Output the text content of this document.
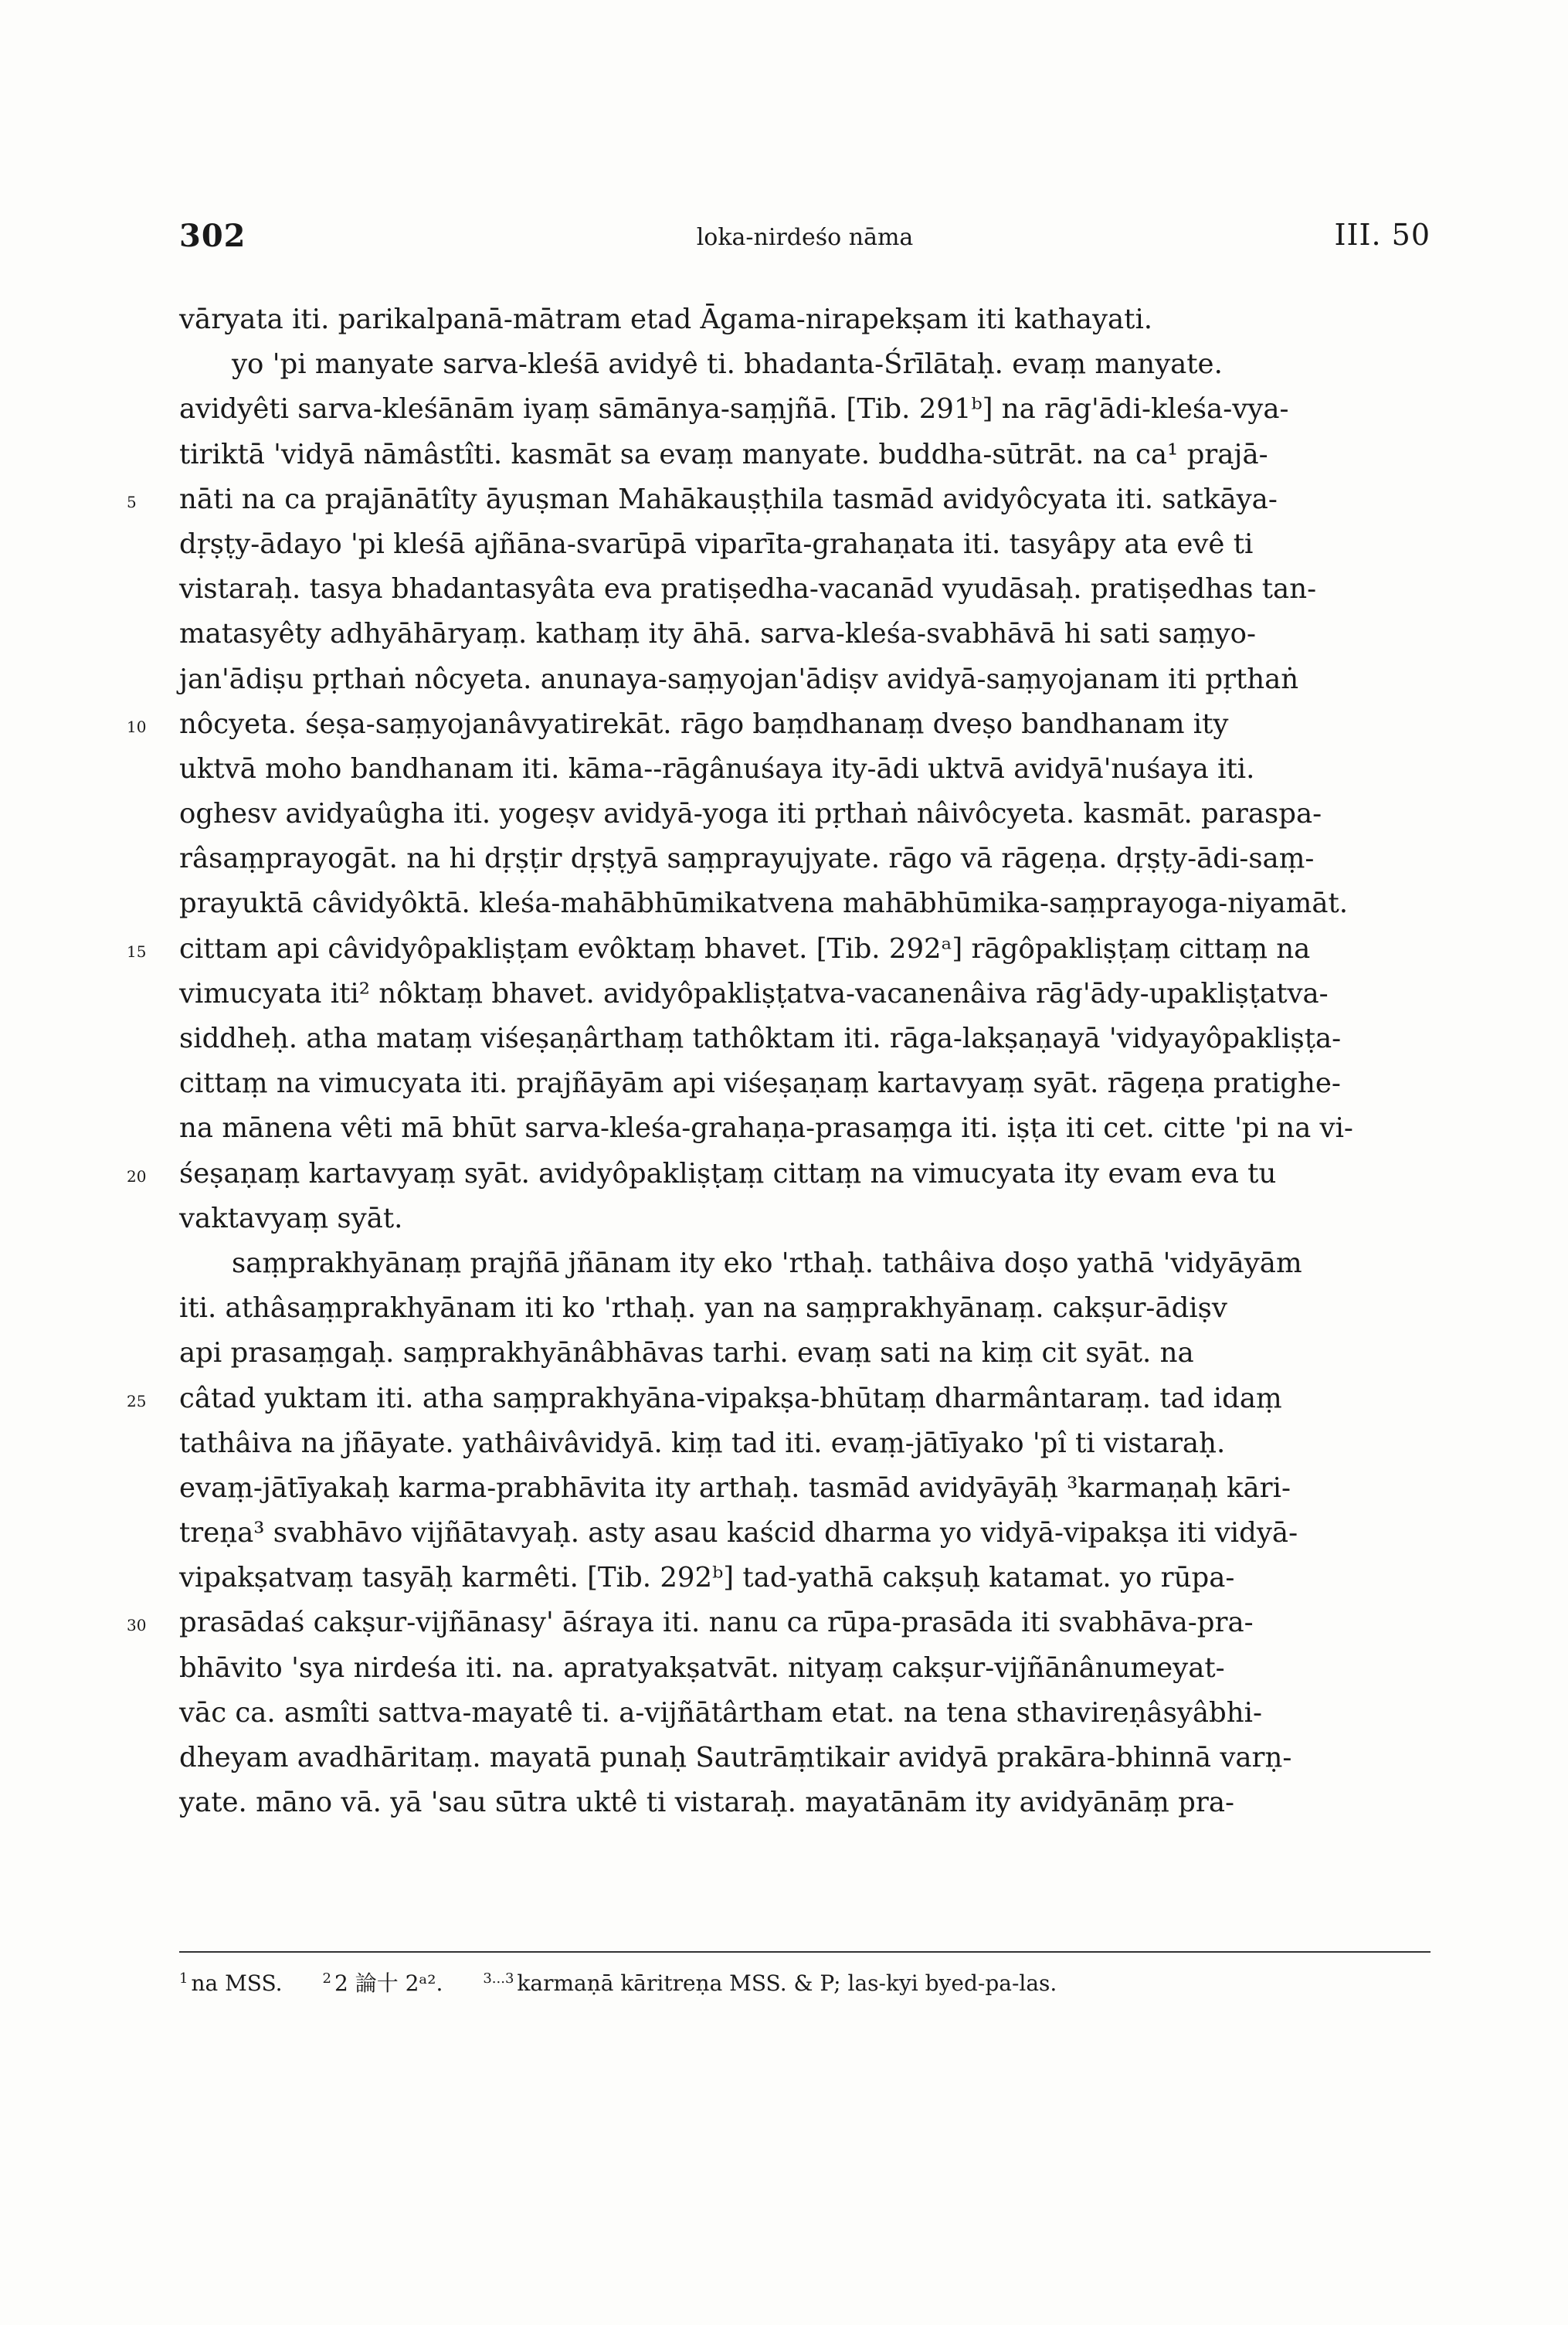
302	loka-nirdeśo nāma	III. 50
vāryata iti. parikalpanā-mātram etad Āgama-nirapekṣam iti kathayati.
yo 'pi manyate sarva-kleśā avidyê ti. bhadanta-Śrīlātaḥ. evaṃ manyate.
avidyêti sarva-kleśānām iyaṃ sāmānya-saṃjñā. [Tib. 291ᵇ] na rāg'ādi-kleśa-vya-
tiriktā 'vidyā nāmâstîti. kasmāt sa evaṃ manyate. buddha-sūtrāt. na ca¹ prajā-
5	nāti na ca prajānātîty āyuṣman Mahākauṣṭhila tasmād avidyôcyata iti. satkāya-
dṛṣṭy-ādayo 'pi kleśā ajñāna-svarūpā viparīta-grahaṇata iti. tasyâpy ata evê ti
vistaraḥ. tasya bhadantasyâta eva pratiṣedha-vacanād vyudāsaḥ. pratiṣedhas tan-
matasyêty adhyāhāryaṃ. kathaṃ ity āhā. sarva-kleśa-svabhāvā hi sati saṃyo-
jan'ādiṣu pṛthaṅ nôcyeta. anunaya-saṃyojan'ādiṣv avidyā-saṃyojanam iti pṛthaṅ
10 nôcyeta. śeṣa-saṃyojanâvyatirekāt. rāgo baṃdhanaṃ dveṣo bandhanam ity
uktvā moho bandhanam iti. kāma--rāgânuśaya ity-ādi uktvā avidyā'nuśaya iti.
oghesv avidyaûgha iti. yogeṣv avidyā-yoga iti pṛthaṅ nâivôcyeta. kasmāt. paraspa-
râsaṃprayogāt. na hi dṛṣṭir dṛṣṭyā saṃprayujyate. rāgo vā rāgeṇa. dṛṣṭy-ādi-saṃ-
prayuktā câvidyôktā. kleśa-mahābhūmikatvena mahābhūmika-saṃprayoga-niyamāt.
15 cittam api câvidyôpakliṣṭam evôktaṃ bhavet. [Tib. 292ᵃ] rāgôpakliṣṭaṃ cittaṃ na
vimucyata iti² nôktaṃ bhavet. avidyôpakliṣṭatva-vacanenâiva rāg'ādy-upakliṣṭatva-
siddheḥ. atha mataṃ viśeṣaṇârthaṃ tathôktam iti. rāga-lakṣaṇayā 'vidyayôpakliṣṭa-
cittaṃ na vimucyata iti. prajñāyām api viśeṣaṇaṃ kartavyaṃ syāt. rāgeṇa pratighe-
na mānena vêti mā bhūt sarva-kleśa-grahaṇa-prasaṃga iti. iṣṭa iti cet. citte 'pi na vi-
20 śeṣaṇaṃ kartavyaṃ syāt. avidyôpakliṣṭaṃ cittaṃ na vimucyata ity evam eva tu
vaktavyaṃ syāt.
saṃprakhyānaṃ prajñā jñānam ity eko 'rthaḥ. tathâiva doṣo yathā 'vidyāyām
iti. athâsaṃprakhyānam iti ko 'rthaḥ. yan na saṃprakhyānaṃ. cakṣur-ādiṣv
api prasaṃgaḥ. saṃprakhyānâbhāvas tarhi. evaṃ sati na kiṃ cit syāt. na
25 câtad yuktam iti. atha saṃprakhyāna-vipakṣa-bhūtaṃ dharmântaraṃ. tad idaṃ
tathâiva na jñāyate. yathâivâvidyā. kiṃ tad iti. evaṃ-jātīyako 'pî ti vistaraḥ.
evaṃ-jātīyakaḥ karma-prabhāvita ity arthaḥ. tasmād avidyāyāḥ ³karmaṇaḥ kāri-
treṇa³ svabhāvo vijñātavyaḥ. asty asau kaścid dharma yo vidyā-vipakṣa iti vidyā-
vipakṣatvaṃ tasyāḥ karmêti. [Tib. 292ᵇ] tad-yathā cakṣuḥ katamat. yo rūpa-
30 prasādaś cakṣur-vijñānasy' āśraya iti. nanu ca rūpa-prasāda iti svabhāva-pra-
bhāvito 'sya nirdeśa iti. na. apratyakṣatvāt. nityaṃ cakṣur-vijñānânumeyat-
vāc ca. asmîti sattva-mayatê ti. a-vijñātârtham etat. na tena sthavireṇâsyâbhi-
dheyam avadhāritaṃ. mayatā punaḥ Sautrāṃtikair avidyā prakāra-bhinnā varṇ-
yate. māno vā. yā 'sau sūtra uktê ti vistaraḥ. mayatānām ity avidyānāṃ pra-
$^1$ na MSS.	$^2$ 2 論十 2ᵃ².	$^{3...3}$ karmaṇā kāritreṇa MSS. & P; las-kyi byed-pa-las.
